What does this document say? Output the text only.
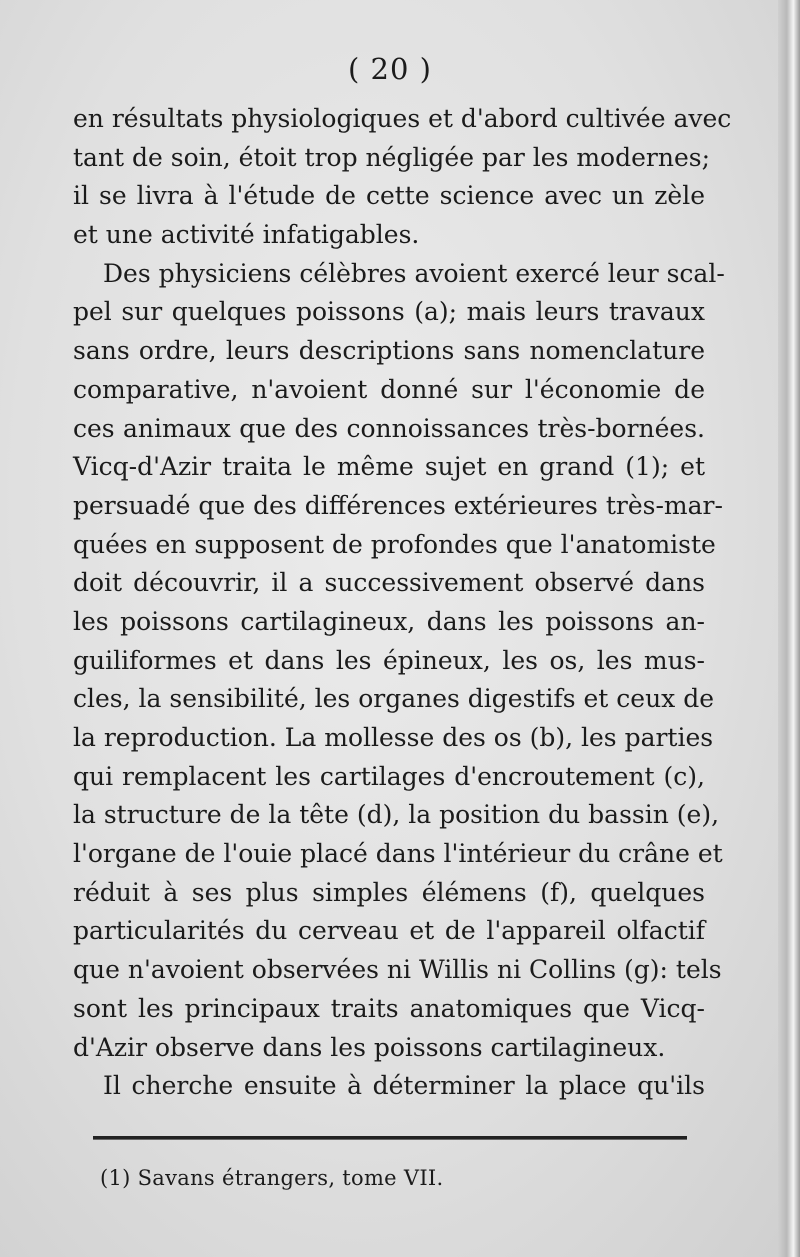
( 20 )
en résultats physiologiques et d'abord cultivée avec
tant de soin, étoit trop négligée par les modernes;
il se livra à l'étude de cette science avec un zèle
et une activité infatigables.
Des physiciens célèbres avoient exercé leur scal-
pel sur quelques poissons (a); mais leurs travaux
sans ordre, leurs descriptions sans nomenclature
comparative, n'avoient donné sur l'économie de
ces animaux que des connoissances très-bornées.
Vicq-d'Azir traita le même sujet en grand (1); et
persuadé que des différences extérieures très-mar-
quées en supposent de profondes que l'anatomiste
doit découvrir, il a successivement observé dans
les poissons cartilagineux, dans les poissons an-
guiliformes et dans les épineux, les os, les mus-
cles, la sensibilité, les organes digestifs et ceux de
la reproduction. La mollesse des os (b), les parties
qui remplacent les cartilages d'encroutement (c),
la structure de la tête (d), la position du bassin (e),
l'organe de l'ouie placé dans l'intérieur du crâne et
réduit à ses plus simples élémens (f), quelques
particularités du cerveau et de l'appareil olfactif
que n'avoient observées ni Willis ni Collins (g): tels
sont les principaux traits anatomiques que Vicq-
d'Azir observe dans les poissons cartilagineux.
Il cherche ensuite à déterminer la place qu'ils
(1) Savans étrangers, tome VII.
